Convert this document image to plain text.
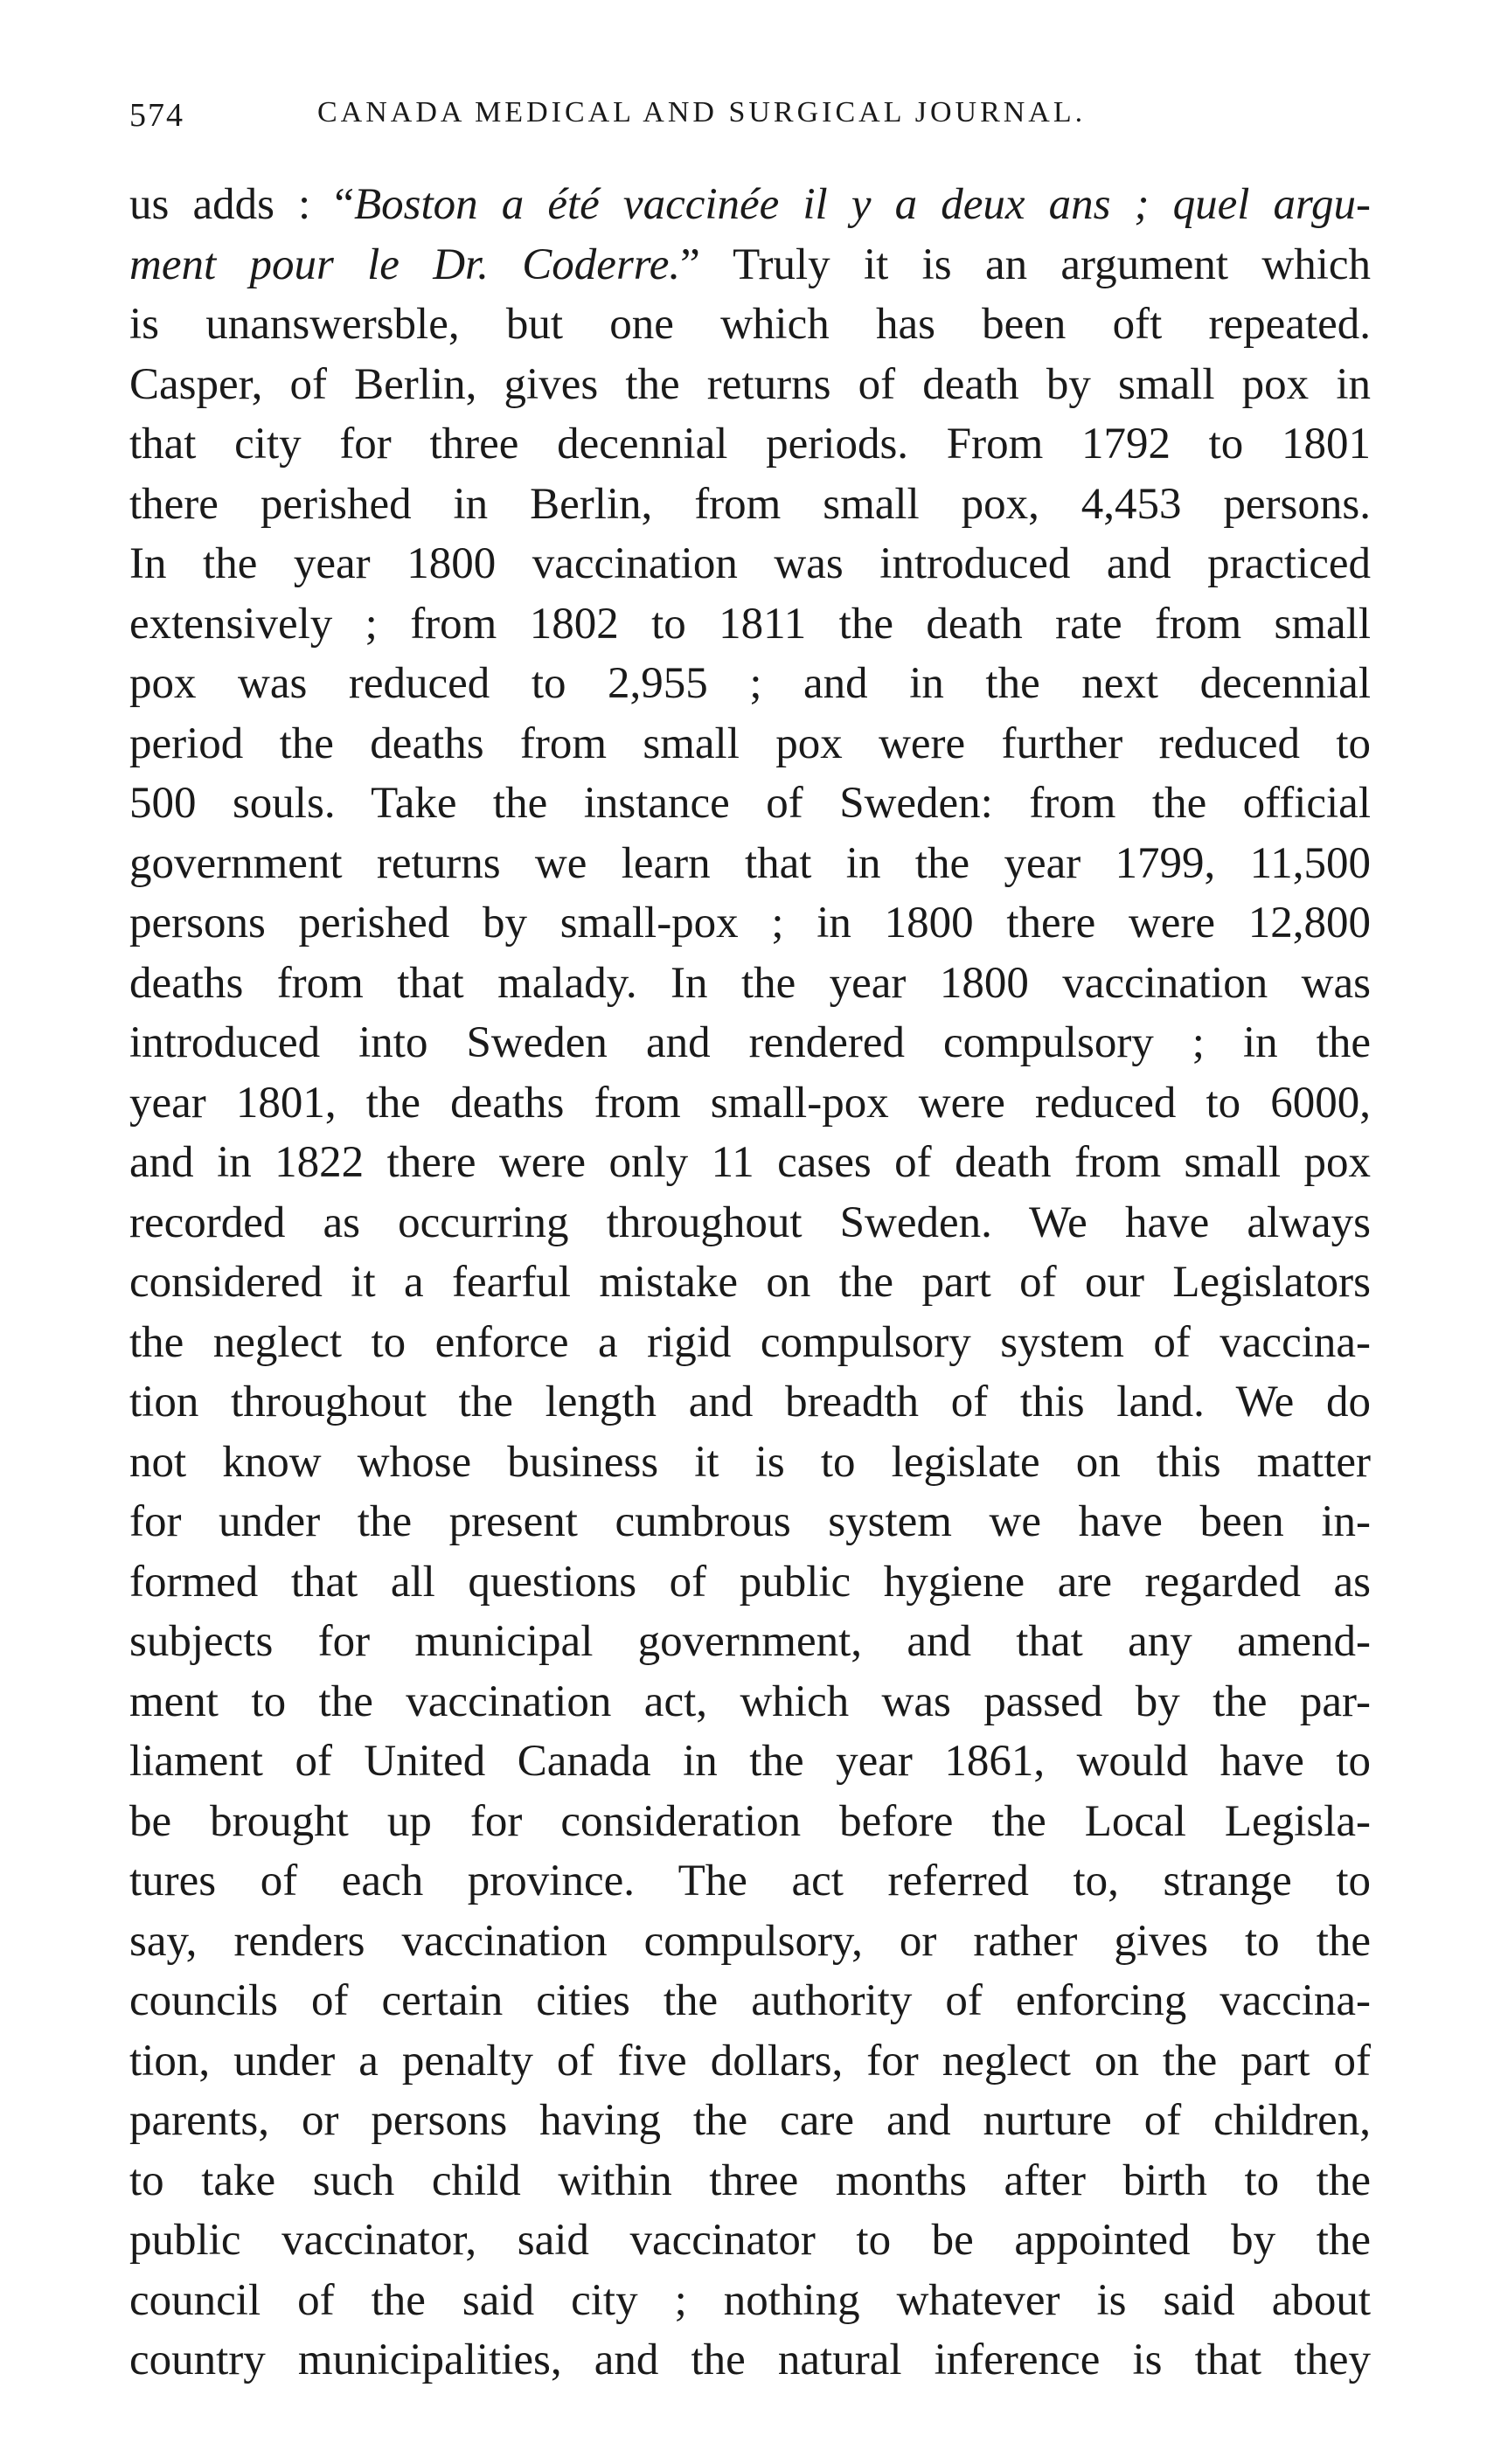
574	CANADA MEDICAL AND SURGICAL JOURNAL.
us adds : “Boston a été vaccinée il y a deux ans ; quel argu-
ment pour le Dr. Coderre.” Truly it is an argument which
is unanswersble, but one which has been oft repeated.
Casper, of Berlin, gives the returns of death by small pox in
that city for three decennial periods. From 1792 to 1801
there perished in Berlin, from small pox, 4,453 persons.
In the year 1800 vaccination was introduced and practiced
extensively ; from 1802 to 1811 the death rate from small
pox was reduced to 2,955 ; and in the next decennial
period the deaths from small pox were further reduced to
500 souls. Take the instance of Sweden: from the official
government returns we learn that in the year 1799, 11,500
persons perished by small-pox ; in 1800 there were 12,800
deaths from that malady. In the year 1800 vaccination was
introduced into Sweden and rendered compulsory ; in the
year 1801, the deaths from small-pox were reduced to 6000,
and in 1822 there were only 11 cases of death from small pox
recorded as occurring throughout Sweden. We have always
considered it a fearful mistake on the part of our Legislators
the neglect to enforce a rigid compulsory system of vaccina-
tion throughout the length and breadth of this land. We do
not know whose business it is to legislate on this matter
for under the present cumbrous system we have been in-
formed that all questions of public hygiene are regarded as
subjects for municipal government, and that any amend-
ment to the vaccination act, which was passed by the par-
liament of United Canada in the year 1861, would have to
be brought up for consideration before the Local Legisla-
tures of each province. The act referred to, strange to
say, renders vaccination compulsory, or rather gives to the
councils of certain cities the authority of enforcing vaccina-
tion, under a penalty of five dollars, for neglect on the part of
parents, or persons having the care and nurture of children,
to take such child within three months after birth to the
public vaccinator, said vaccinator to be appointed by the
council of the said city ; nothing whatever is said about
country municipalities, and the natural inference is that they
